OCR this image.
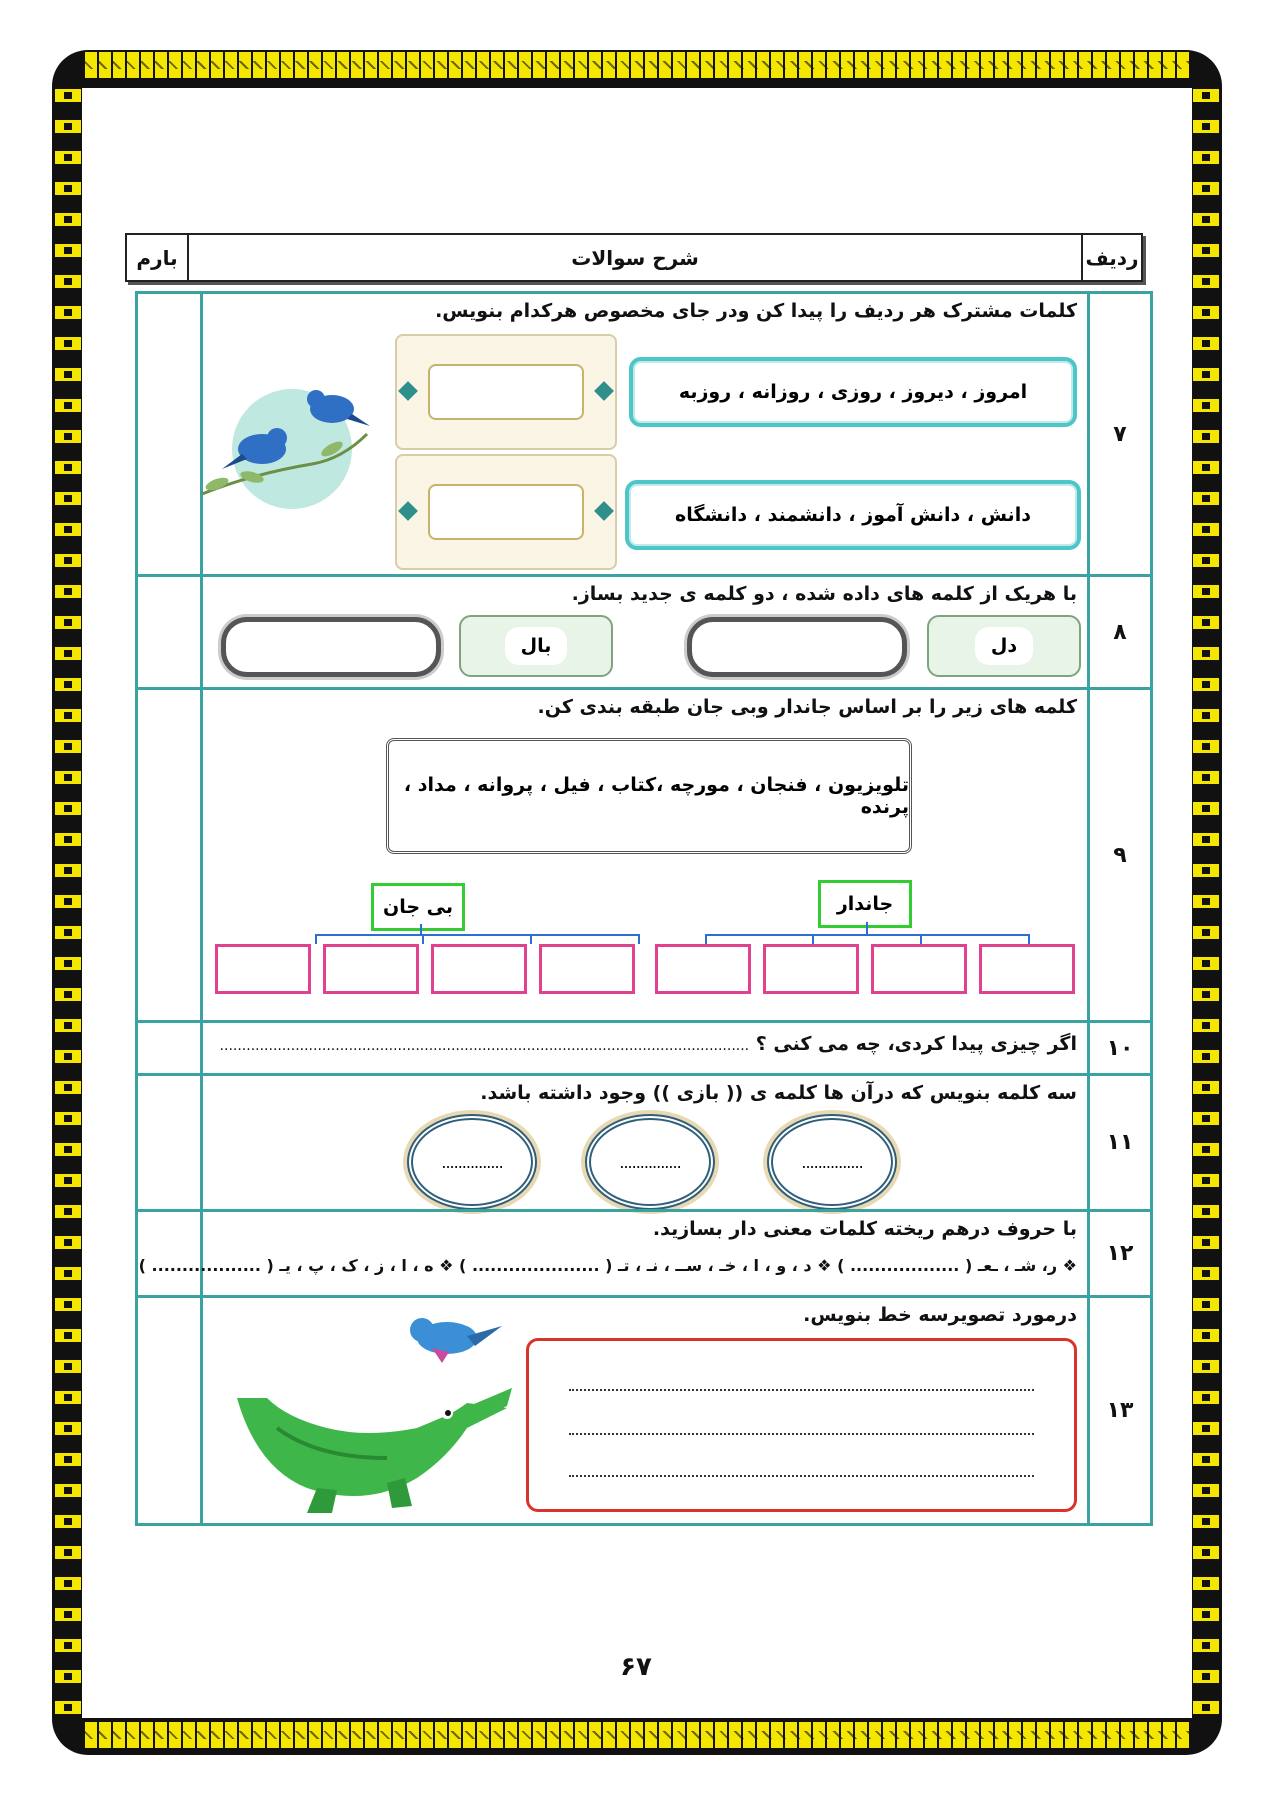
ردیف
شرح سوالات
بارم
۷
کلمات مشترک هر ردیف را پیدا کن ودر جای مخصوص هرکدام بنویس.
امروز ، دیروز ، روزی ، روزانه ، روزبه
دانش ، دانش آموز ، دانشمند ، دانشگاه
۸
با هریک از کلمه های داده شده ، دو کلمه ی جدید بساز.
دل
بال
۹
کلمه های زیر را بر اساس جاندار وبی جان طبقه بندی کن.
تلویزیون ، فنجان ، مورچه ،کتاب ، فیل ، پروانه ، مداد ، پرنده
جاندار
بی جان
۱۰
اگر چیزی پیدا کردی، چه می کنی ؟ .......................................................................................................................
۱۱
سه کلمه بنویس که درآن ها کلمه ی (( بازی )) وجود داشته باشد.
...............
...............
...............
۱۲
با حروف درهم ریخته کلمات معنی دار بسازید.
❖ ر، شـ ، ـعـ ( .................. ) ❖ د ، و ، ا ، خـ ، ســ ، نـ ، تـ ( ..................... ) ❖ ه ، ا ، ز ، ک ، پ ، یـ ( .................. )
۱۳
درمورد تصویرسه خط بنویس.
۶۷
